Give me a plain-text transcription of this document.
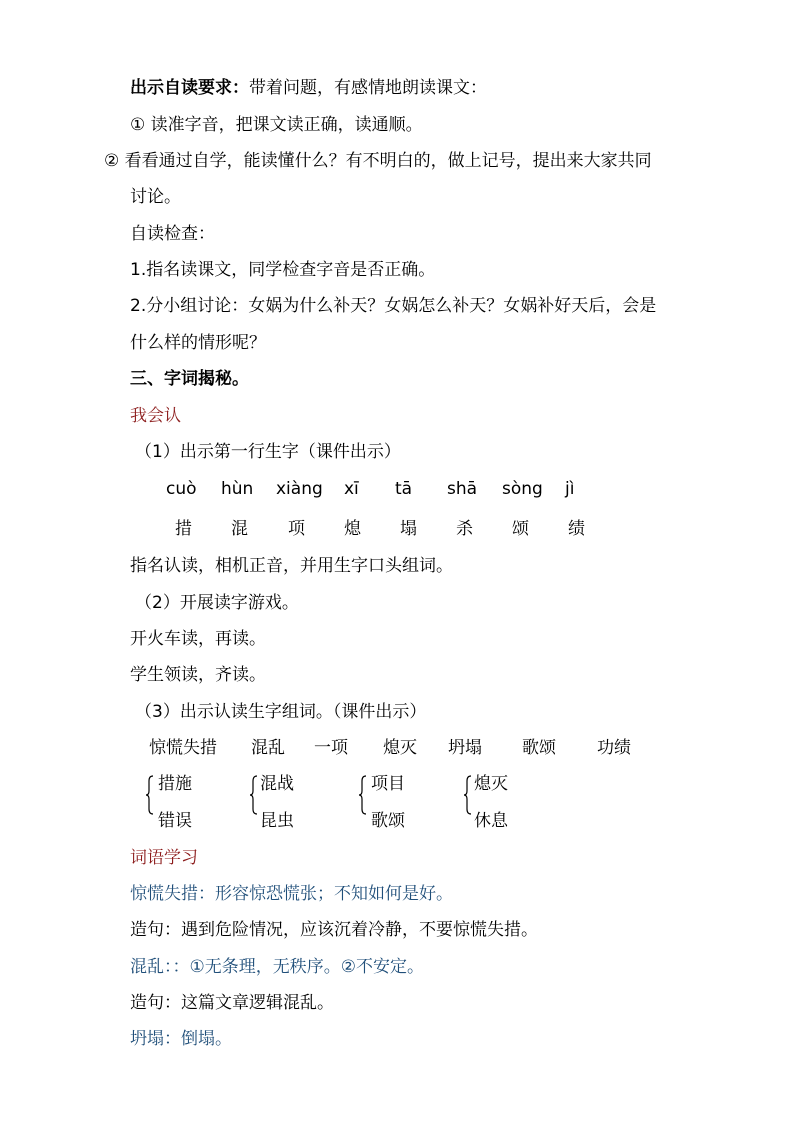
出示自读要求：带着问题，有感情地朗读课文：
① 读准字音，把课文读正确，读通顺。
② 看看通过自学，能读懂什么？有不明白的，做上记号，提出来大家共同
讨论。
自读检查：
1.指名读课文，同学检查字音是否正确。
2.分小组讨论：女娲为什么补天？女娲怎么补天？女娲补好天后，会是
什么样的情形呢？
三、字词揭秘。
我会认
（1）出示第一行生字（课件出示）
cuò hùn xiàng xī tā shā sòng jì
措 混 项 熄 塌 杀 颂 绩
指名认读，相机正音，并用生字口头组词。
（2）开展读字游戏。
开火车读，再读。
学生领读，齐读。
（3）出示认读生字组词。（课件出示）
惊慌失措 混乱 一项 熄灭 坍塌 歌颂 功绩
措施
错误
混战
昆虫
项目
歌颂
熄灭
休息
词语学习
惊慌失措：形容惊恐慌张；不知如何是好。
造句：遇到危险情况，应该沉着冷静，不要惊慌失措。
混乱：：①无条理，无秩序。②不安定。
造句：这篇文章逻辑混乱。
坍塌：倒塌。
